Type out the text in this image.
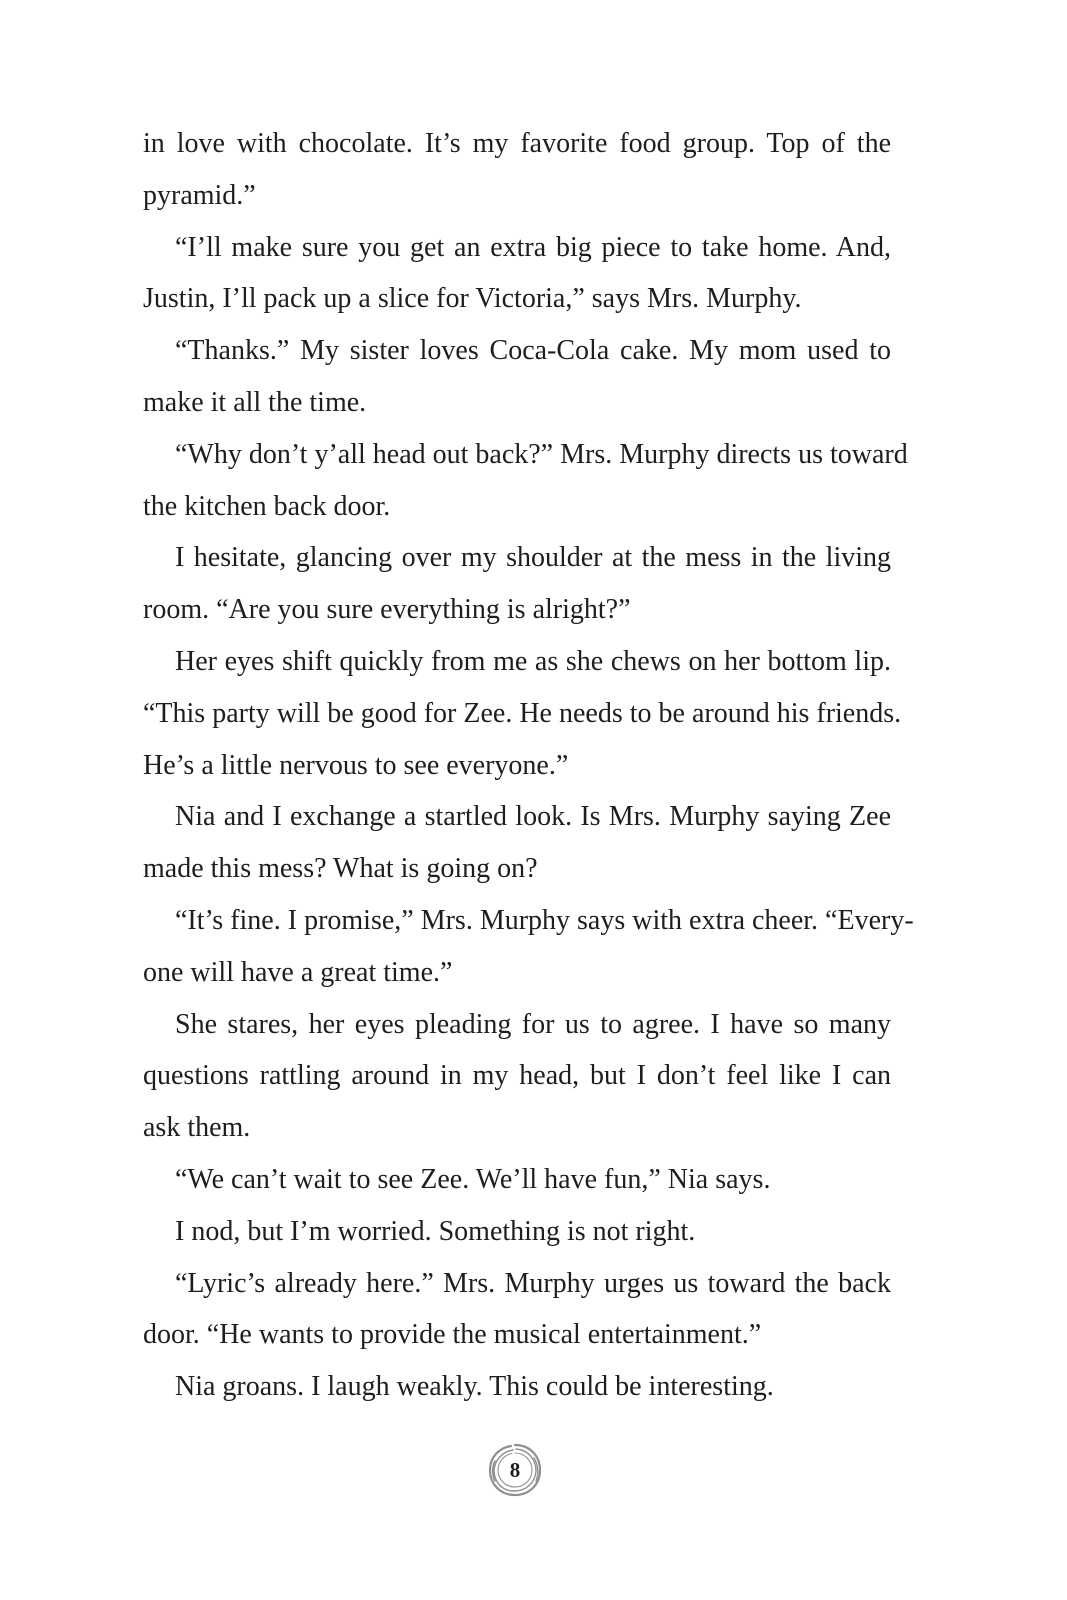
in love with chocolate. It’s my favorite food group. Top of the

pyramid.”

“I’ll make sure you get an extra big piece to take home. And,

Justin, I’ll pack up a slice for Victoria,” says Mrs. Murphy.

“Thanks.” My sister loves Coca-Cola cake. My mom used to

make it all the time.

“Why don’t y’all head out back?” Mrs. Murphy directs us toward

the kitchen back door.

I hesitate, glancing over my shoulder at the mess in the living

room. “Are you sure everything is alright?”

Her eyes shift quickly from me as she chews on her bottom lip.

“This party will be good for Zee. He needs to be around his friends.

He’s a little nervous to see everyone.”

Nia and I exchange a startled look. Is Mrs. Murphy saying Zee

made this mess? What is going on?

“It’s fine. I promise,” Mrs. Murphy says with extra cheer. “Every-

one will have a great time.”

She stares, her eyes pleading for us to agree. I have so many

questions rattling around in my head, but I don’t feel like I can

ask them.

“We can’t wait to see Zee. We’ll have fun,” Nia says.

I nod, but I’m worried. Something is not right.

“Lyric’s already here.” Mrs. Murphy urges us toward the back

door. “He wants to provide the musical entertainment.”

Nia groans. I laugh weakly. This could be interesting.

8
